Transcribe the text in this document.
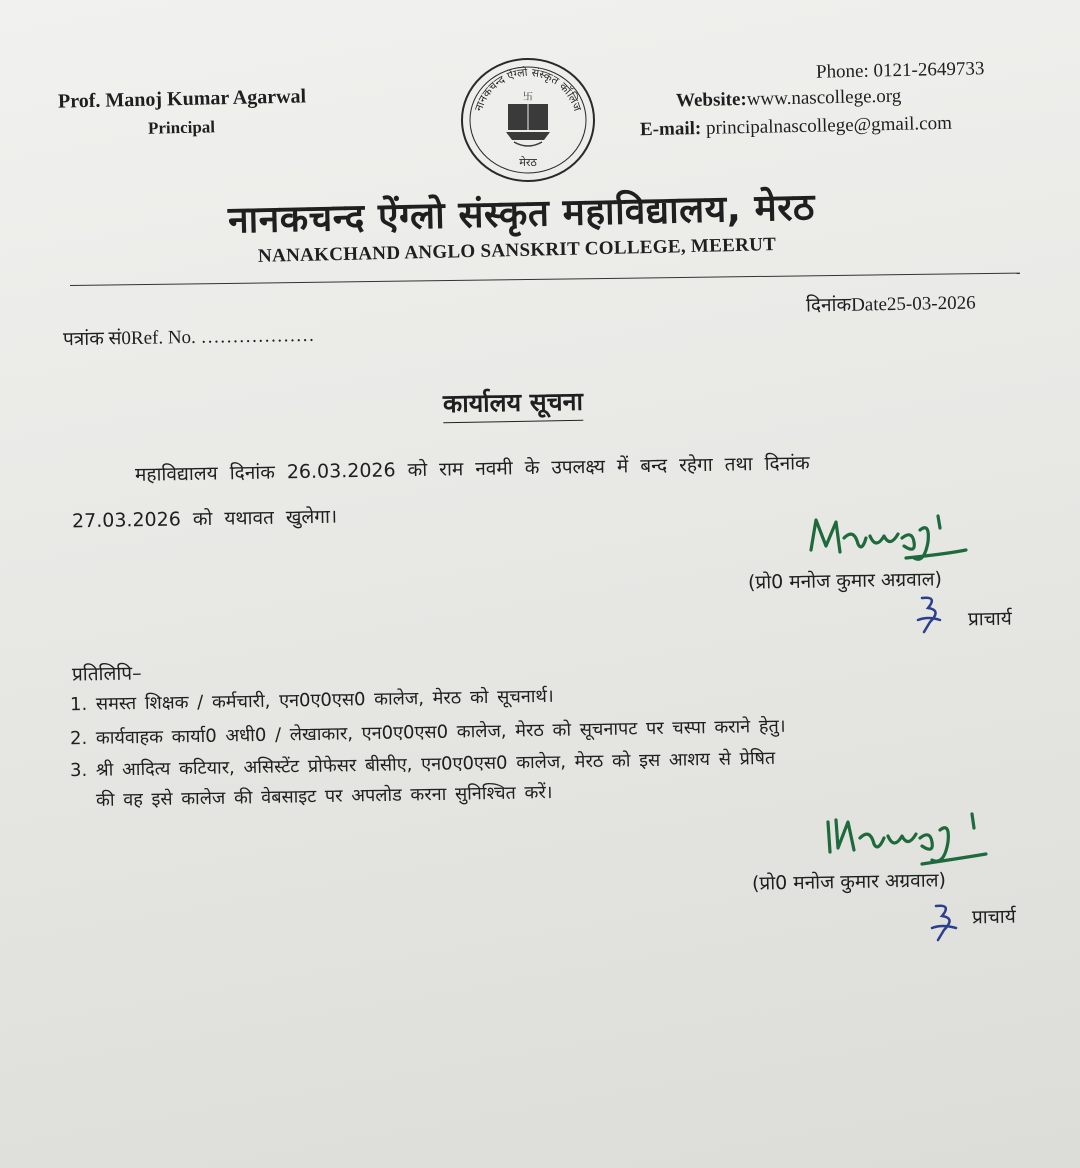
Prof. Manoj Kumar Agarwal
Principal
नानकचन्द ऐंग्लो संस्कृत कॉलिज
मेरठ
卐
Phone: 0121-2649733
Website:www.nascollege.org
E-mail: principalnascollege@gmail.com
नानकचन्द ऐंग्लो संस्कृत महाविद्यालय, मेरठ
NANAKCHAND ANGLO SANSKRIT COLLEGE, MEERUT
दिनांकDate25-03-2026
पत्रांक सं0Ref. No. ………………
कार्यालय सूचना
महाविद्यालय दिनांक 26.03.2026 को राम नवमी के उपलक्ष्य में बन्द रहेगा तथा दिनांक
27.03.2026 को यथावत खुलेगा।
(प्रो0 मनोज कुमार अग्रवाल)
प्राचार्य
प्रतिलिपि–
1. समस्त शिक्षक / कर्मचारी, एन0ए0एस0 कालेज, मेरठ को सूचनार्थ।
2. कार्यवाहक कार्या0 अधी0 / लेखाकार, एन0ए0एस0 कालेज, मेरठ को सूचनापट पर चस्पा कराने हेतु।
3. श्री आदित्य कटियार, असिस्टेंट प्रोफेसर बीसीए, एन0ए0एस0 कालेज, मेरठ को इस आशय से प्रेषित
की वह इसे कालेज की वेबसाइट पर अपलोड करना सुनिश्चित करें।
(प्रो0 मनोज कुमार अग्रवाल)
प्राचार्य
